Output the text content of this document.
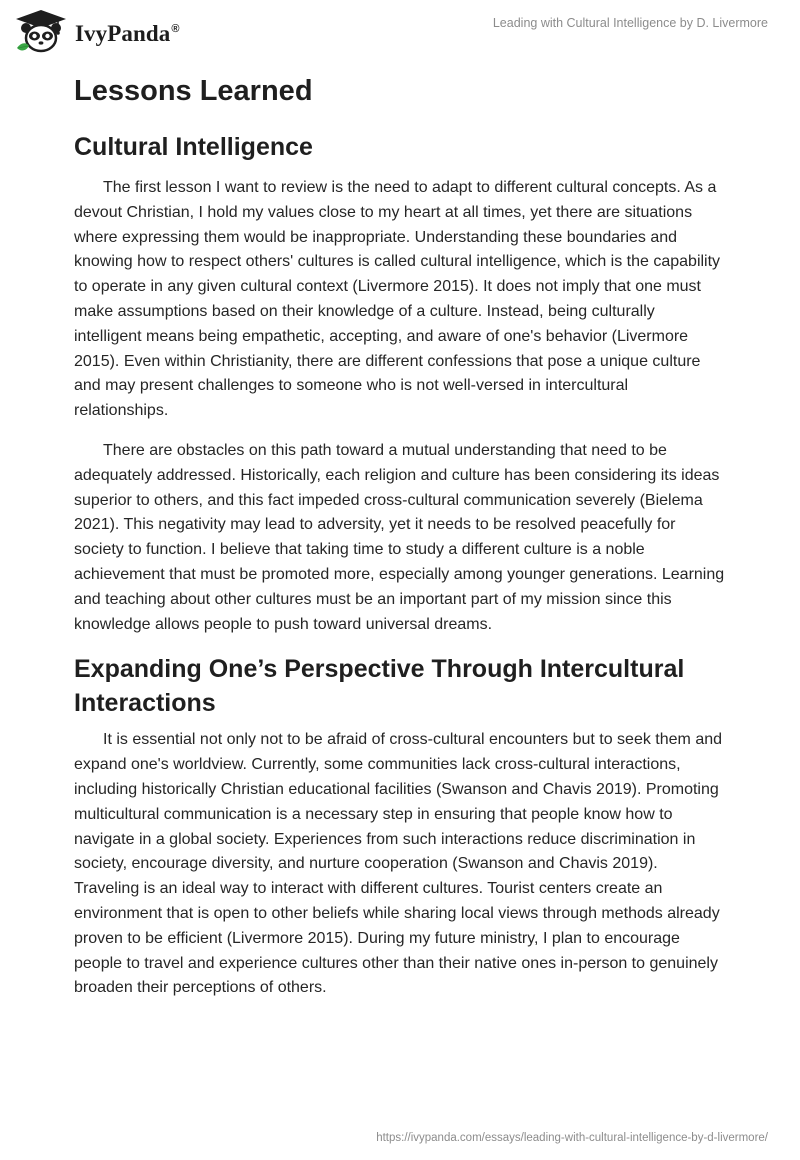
IvyPanda®	Leading with Cultural Intelligence by D. Livermore
Lessons Learned
Cultural Intelligence

The first lesson I want to review is the need to adapt to different cultural concepts. As a devout Christian, I hold my values close to my heart at all times, yet there are situations where expressing them would be inappropriate. Understanding these boundaries and knowing how to respect others' cultures is called cultural intelligence, which is the capability to operate in any given cultural context (Livermore 2015). It does not imply that one must make assumptions based on their knowledge of a culture. Instead, being culturally intelligent means being empathetic, accepting, and aware of one's behavior (Livermore 2015). Even within Christianity, there are different confessions that pose a unique culture and may present challenges to someone who is not well-versed in intercultural relationships.

There are obstacles on this path toward a mutual understanding that need to be adequately addressed. Historically, each religion and culture has been considering its ideas superior to others, and this fact impeded cross-cultural communication severely (Bielema 2021). This negativity may lead to adversity, yet it needs to be resolved peacefully for society to function. I believe that taking time to study a different culture is a noble achievement that must be promoted more, especially among younger generations. Learning and teaching about other cultures must be an important part of my mission since this knowledge allows people to push toward universal dreams.

Expanding One’s Perspective Through Intercultural Interactions

It is essential not only not to be afraid of cross-cultural encounters but to seek them and expand one's worldview. Currently, some communities lack cross-cultural interactions, including historically Christian educational facilities (Swanson and Chavis 2019). Promoting multicultural communication is a necessary step in ensuring that people know how to navigate in a global society. Experiences from such interactions reduce discrimination in society, encourage diversity, and nurture cooperation (Swanson and Chavis 2019). Traveling is an ideal way to interact with different cultures. Tourist centers create an environment that is open to other beliefs while sharing local views through methods already proven to be efficient (Livermore 2015). During my future ministry, I plan to encourage people to travel and experience cultures other than their native ones in-person to genuinely broaden their perceptions of others.

https://ivypanda.com/essays/leading-with-cultural-intelligence-by-d-livermore/
